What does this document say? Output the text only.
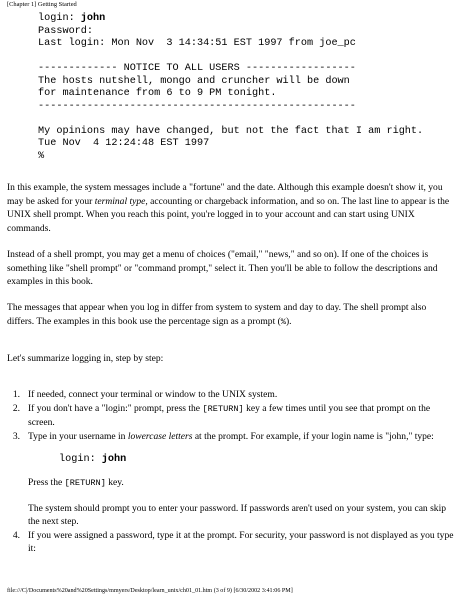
[Chapter 1] Getting Started
login: john
Password:
Last login: Mon Nov  3 14:34:51 EST 1997 from joe_pc
------------- NOTICE TO ALL USERS ------------------
The hosts nutshell, mongo and cruncher will be down
for maintenance from 6 to 9 PM tonight.
----------------------------------------------------
My opinions may have changed, but not the fact that I am right.
Tue Nov  4 12:24:48 EST 1997
%

In this example, the system messages include a "fortune" and the date. Although this example doesn't show it, you may be asked for your terminal type, accounting or chargeback information, and so on. The last line to appear is the UNIX shell prompt. When you reach this point, you're logged in to your account and can start using UNIX commands.

Instead of a shell prompt, you may get a menu of choices ("email," "news," and so on). If one of the choices is something like "shell prompt" or "command prompt," select it. Then you'll be able to follow the descriptions and examples in this book.

The messages that appear when you log in differ from system to system and day to day. The shell prompt also differs. The examples in this book use the percentage sign as a prompt (%).

Let's summarize logging in, step by step:

1. If needed, connect your terminal or window to the UNIX system.
2. If you don't have a "login:" prompt, press the [RETURN] key a few times until you see that prompt on the screen.
3. Type in your username in lowercase letters at the prompt. For example, if your login name is "john," type:
login: john
Press the [RETURN] key.
The system should prompt you to enter your password. If passwords aren't used on your system, you can skip the next step.
4. If you were assigned a password, type it at the prompt. For security, your password is not displayed as you type it:
file:///C|/Documents%20and%20Settings/mmyers/Desktop/learn_unix/ch01_01.htm (3 of 9) [6/30/2002 3:41:06 PM]
